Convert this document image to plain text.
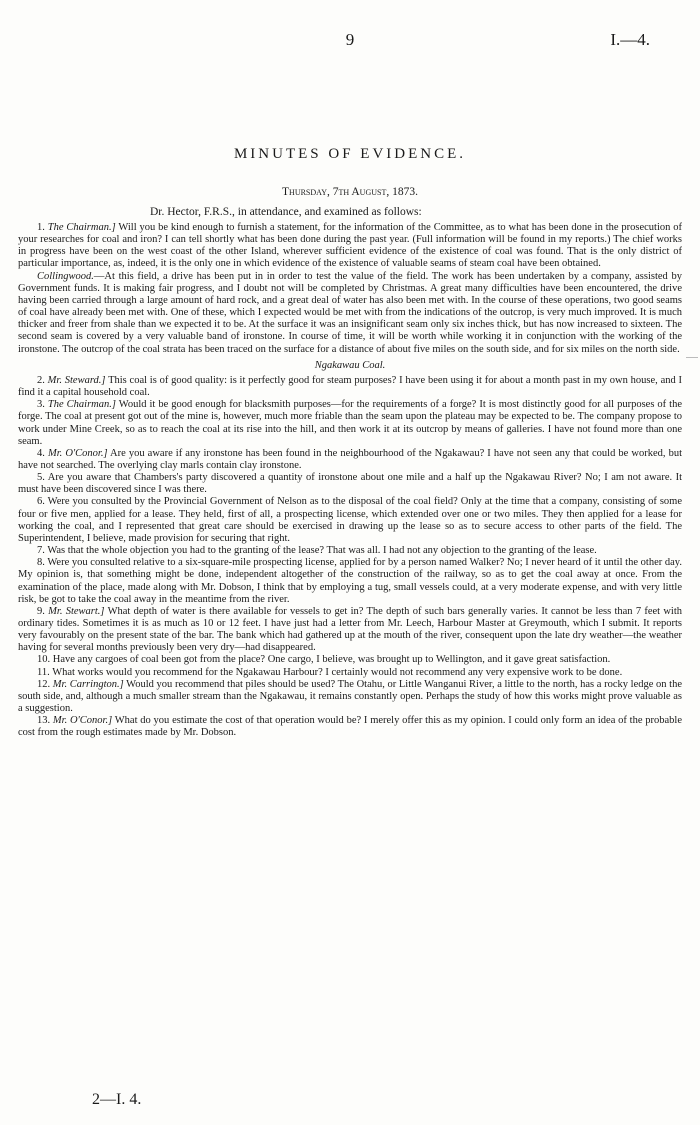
9	I.—4.
MINUTES OF EVIDENCE.
Thursday, 7th August, 1873.
Dr. Hector, F.R.S., in attendance, and examined as follows:

1. The Chairman.] Will you be kind enough to furnish a statement, for the information of the Committee, as to what has been done in the prosecution of your researches for coal and iron? I can tell shortly what has been done during the past year. (Full information will be found in my reports.) The chief works in progress have been on the west coast of the other Island, wherever sufficient evidence of the existence of coal was found. That is the only district of particular importance, as, indeed, it is the only one in which evidence of the existence of valuable seams of steam coal have been obtained.

Collingwood.—At this field, a drive has been put in in order to test the value of the field. The work has been undertaken by a company, assisted by Government funds. It is making fair progress, and I doubt not will be completed by Christmas. A great many difficulties have been encountered, the drive having been carried through a large amount of hard rock, and a great deal of water has also been met with. In the course of these operations, two good seams of coal have already been met with. One of these, which I expected would be met with from the indications of the outcrop, is very much improved. It is much thicker and freer from shale than we expected it to be. At the surface it was an insignificant seam only six inches thick, but has now increased to sixteen. The second seam is covered by a very valuable band of ironstone. In course of time, it will be worth while working it in conjunction with the working of the ironstone. The outcrop of the coal strata has been traced on the surface for a distance of about five miles on the south side, and for six miles on the north side.

Ngakawau Coal.

2. Mr. Steward.] This coal is of good quality: is it perfectly good for steam purposes? I have been using it for about a month past in my own house, and I find it a capital household coal.

3. The Chairman.] Would it be good enough for blacksmith purposes—for the requirements of a forge? It is most distinctly good for all purposes of the forge. The coal at present got out of the mine is, however, much more friable than the seam upon the plateau may be expected to be. The company propose to work under Mine Creek, so as to reach the coal at its rise into the hill, and then work it at its outcrop by means of galleries. I have not found more than one seam.

4. Mr. O'Conor.] Are you aware if any ironstone has been found in the neighbourhood of the Ngakawau? I have not seen any that could be worked, but have not searched. The overlying clay marls contain clay ironstone.

5. Are you aware that Chambers's party discovered a quantity of ironstone about one mile and a half up the Ngakawau River? No; I am not aware. It must have been discovered since I was there.

6. Were you consulted by the Provincial Government of Nelson as to the disposal of the coal field? Only at the time that a company, consisting of some four or five men, applied for a lease. They held, first of all, a prospecting license, which extended over one or two miles. They then applied for a lease for working the coal, and I represented that great care should be exercised in drawing up the lease so as to secure access to other parts of the field. The Superintendent, I believe, made provision for securing that right.

7. Was that the whole objection you had to the granting of the lease? That was all. I had not any objection to the granting of the lease.

8. Were you consulted relative to a six-square-mile prospecting license, applied for by a person named Walker? No; I never heard of it until the other day. My opinion is, that something might be done, independent altogether of the construction of the railway, so as to get the coal away at once. From the examination of the place, made along with Mr. Dobson, I think that by employing a tug, small vessels could, at a very moderate expense, and with very little risk, be got to take the coal away in the meantime from the river.

9. Mr. Stewart.] What depth of water is there available for vessels to get in? The depth of such bars generally varies. It cannot be less than 7 feet with ordinary tides. Sometimes it is as much as 10 or 12 feet. I have just had a letter from Mr. Leech, Harbour Master at Greymouth, which I submit. It reports very favourably on the present state of the bar. The bank which had gathered up at the mouth of the river, consequent upon the late dry weather—the weather having for several months previously been very dry—had disappeared.

10. Have any cargoes of coal been got from the place? One cargo, I believe, was brought up to Wellington, and it gave great satisfaction.

11. What works would you recommend for the Ngakawau Harbour? I certainly would not recommend any very expensive work to be done.

12. Mr. Carrington.] Would you recommend that piles should be used? The Otahu, or Little Wanganui River, a little to the north, has a rocky ledge on the south side, and, although a much smaller stream than the Ngakawau, it remains constantly open. Perhaps the study of how this works might prove valuable as a suggestion.

13. Mr. O'Conor.] What do you estimate the cost of that operation would be? I merely offer this as my opinion. I could only form an idea of the probable cost from the rough estimates made by Mr. Dobson.

2—I. 4.
